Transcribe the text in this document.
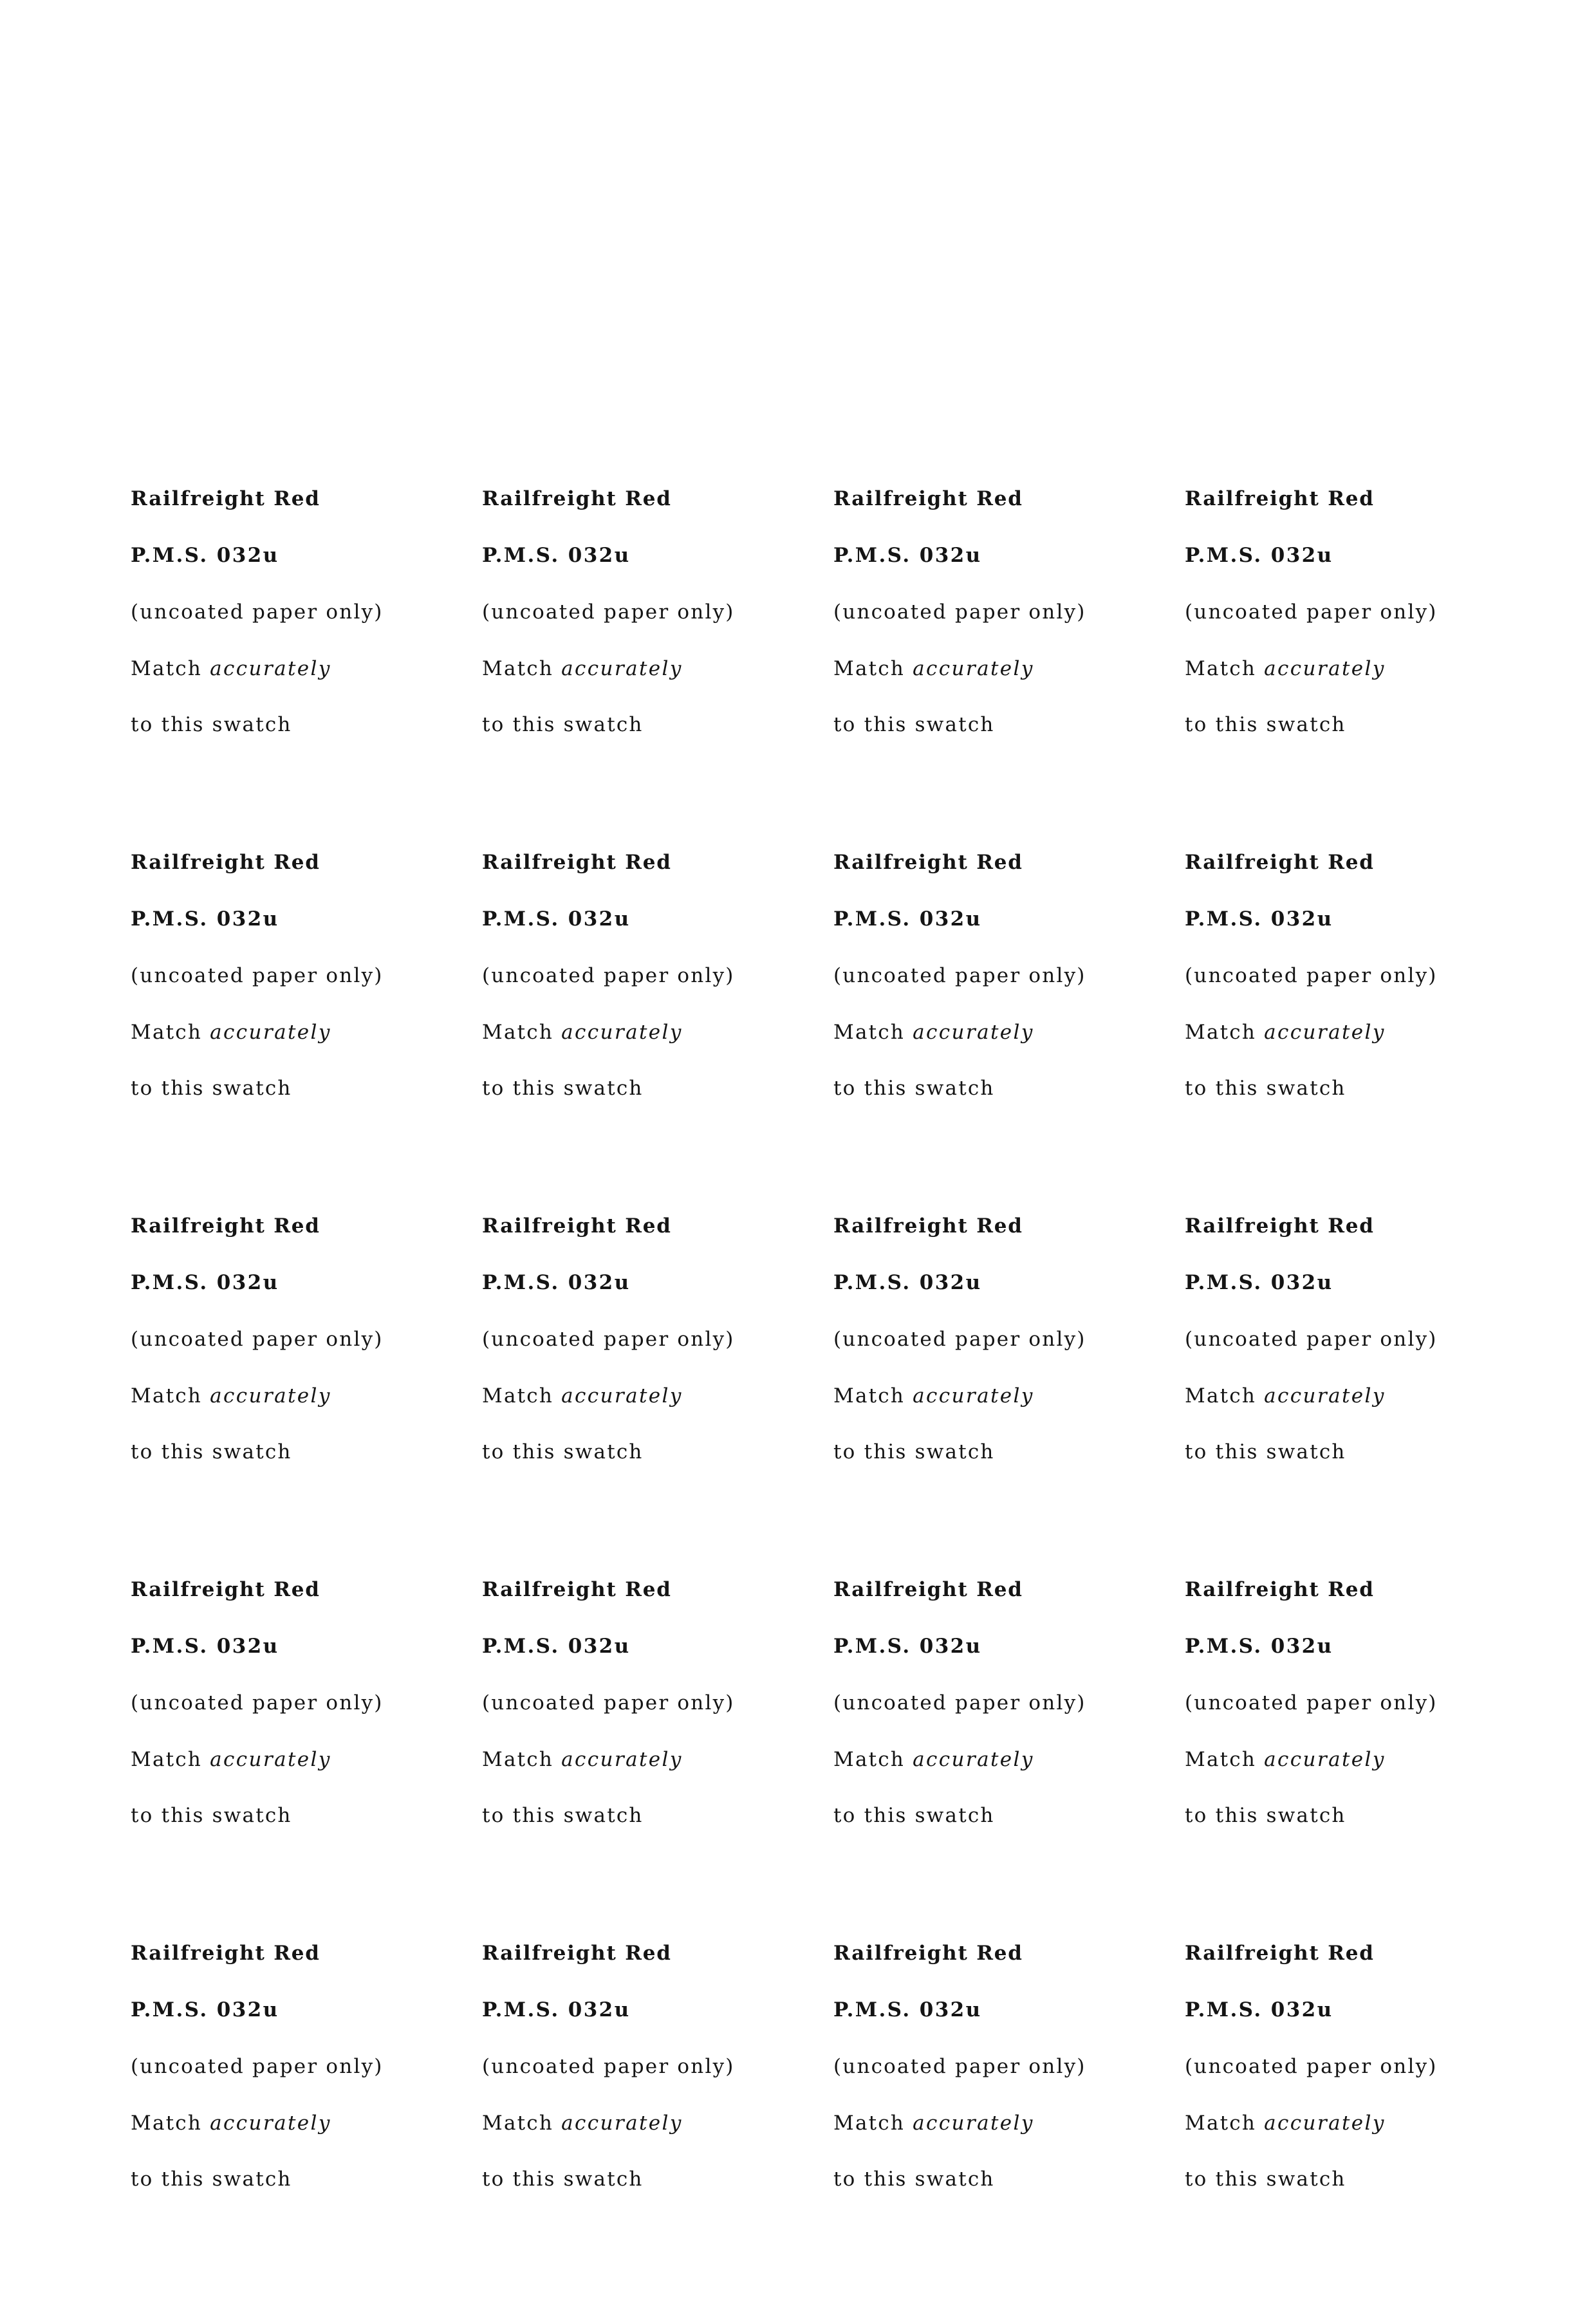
Railfreight Red
P.M.S. 032u
(uncoated paper only)
Match accurately
to this swatch
Railfreight Red
P.M.S. 032u
(uncoated paper only)
Match accurately
to this swatch
Railfreight Red
P.M.S. 032u
(uncoated paper only)
Match accurately
to this swatch
Railfreight Red
P.M.S. 032u
(uncoated paper only)
Match accurately
to this swatch
Railfreight Red
P.M.S. 032u
(uncoated paper only)
Match accurately
to this swatch
Railfreight Red
P.M.S. 032u
(uncoated paper only)
Match accurately
to this swatch
Railfreight Red
P.M.S. 032u
(uncoated paper only)
Match accurately
to this swatch
Railfreight Red
P.M.S. 032u
(uncoated paper only)
Match accurately
to this swatch
Railfreight Red
P.M.S. 032u
(uncoated paper only)
Match accurately
to this swatch
Railfreight Red
P.M.S. 032u
(uncoated paper only)
Match accurately
to this swatch
Railfreight Red
P.M.S. 032u
(uncoated paper only)
Match accurately
to this swatch
Railfreight Red
P.M.S. 032u
(uncoated paper only)
Match accurately
to this swatch
Railfreight Red
P.M.S. 032u
(uncoated paper only)
Match accurately
to this swatch
Railfreight Red
P.M.S. 032u
(uncoated paper only)
Match accurately
to this swatch
Railfreight Red
P.M.S. 032u
(uncoated paper only)
Match accurately
to this swatch
Railfreight Red
P.M.S. 032u
(uncoated paper only)
Match accurately
to this swatch
Railfreight Red
P.M.S. 032u
(uncoated paper only)
Match accurately
to this swatch
Railfreight Red
P.M.S. 032u
(uncoated paper only)
Match accurately
to this swatch
Railfreight Red
P.M.S. 032u
(uncoated paper only)
Match accurately
to this swatch
Railfreight Red
P.M.S. 032u
(uncoated paper only)
Match accurately
to this swatch
